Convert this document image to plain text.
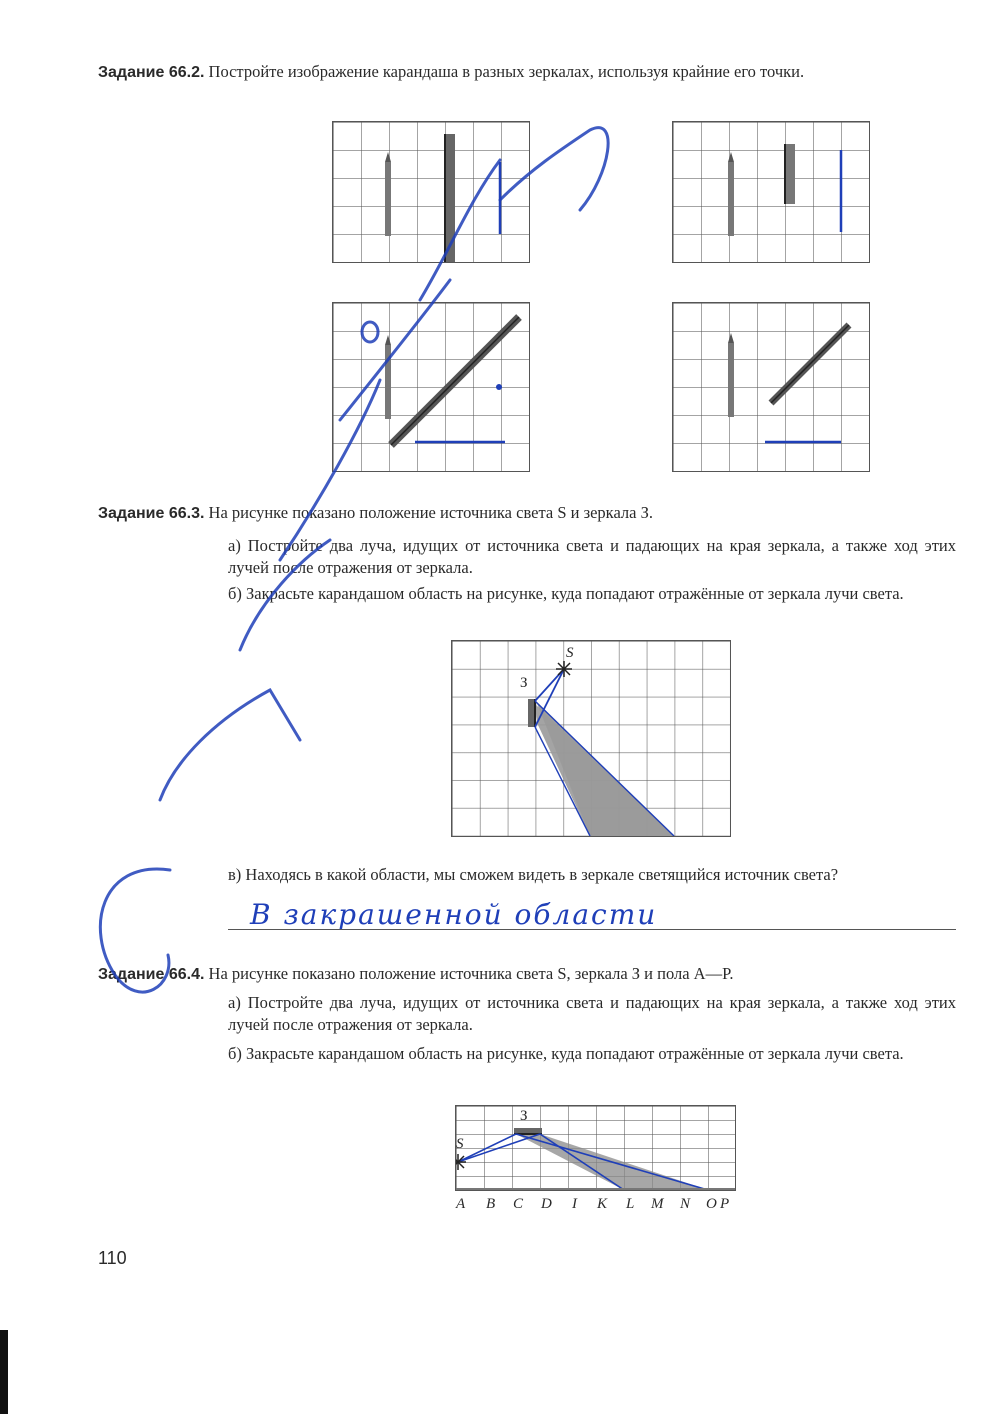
Задание 66.2. Постройте изображение карандаша в разных зеркалах, используя крайние его точки.
Задание 66.3. На рисунке показано положение источника света S и зеркала З.
а) Постройте два луча, идущих от источника света и падающих на края зеркала, а также ход этих лучей после отражения от зеркала.
б) Закрасьте карандашом область на рисунке, куда попадают отражённые от зеркала лучи света.
S
З
в) Находясь в какой области, мы сможем видеть в зеркале светящийся источник света?
В закрашенной области
Задание 66.4. На рисунке показано положение источника света S, зеркала З и пола A—P.
а) Постройте два луча, идущих от источника света и падающих на края зеркала, а также ход этих лучей после отражения от зеркала.
б) Закрасьте карандашом область на рисунке, куда попадают отражённые от зеркала лучи света.
S
З
A B C D I K L M N O P
110
